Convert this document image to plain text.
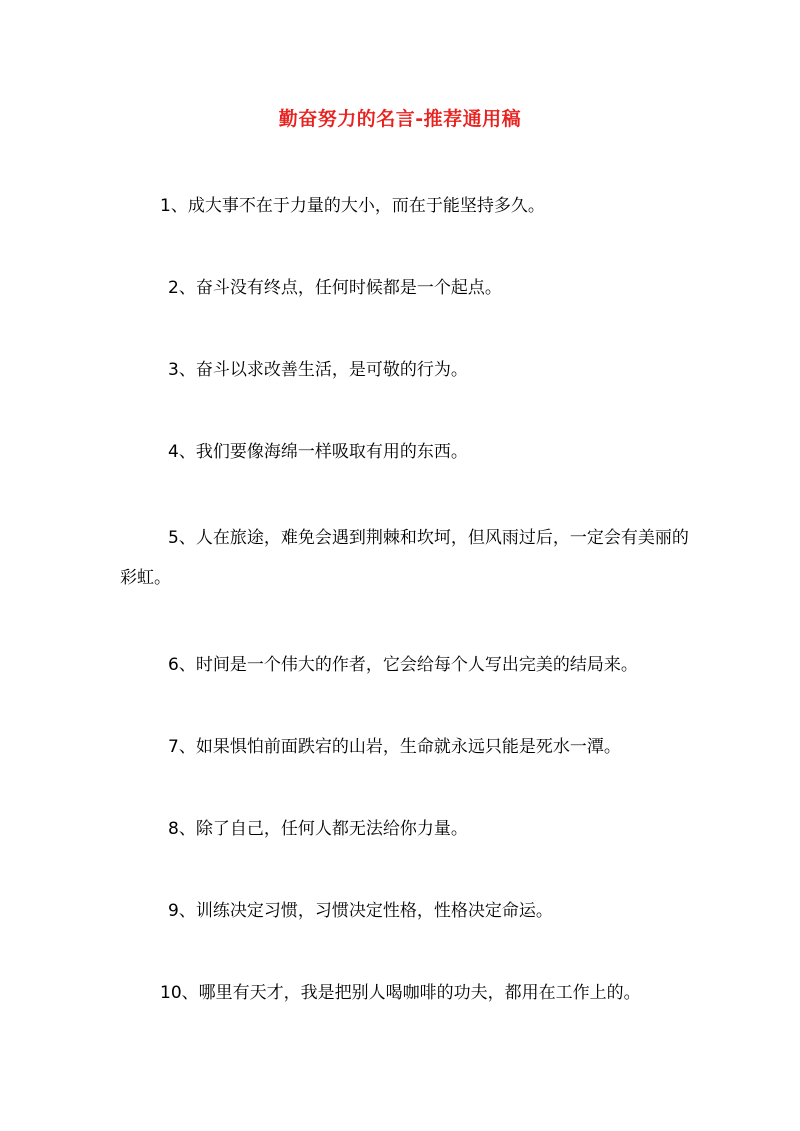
勤奋努力的名言-推荐通用稿
1、成大事不在于力量的大小，而在于能坚持多久。
2、奋斗没有终点，任何时候都是一个起点。
3、奋斗以求改善生活，是可敬的行为。
4、我们要像海绵一样吸取有用的东西。
5、人在旅途，难免会遇到荆棘和坎坷，但风雨过后，一定会有美丽的彩虹。
6、时间是一个伟大的作者，它会给每个人写出完美的结局来。
7、如果惧怕前面跌宕的山岩，生命就永远只能是死水一潭。
8、除了自己，任何人都无法给你力量。
9、训练决定习惯，习惯决定性格，性格决定命运。
10、哪里有天才，我是把别人喝咖啡的功夫，都用在工作上的。
